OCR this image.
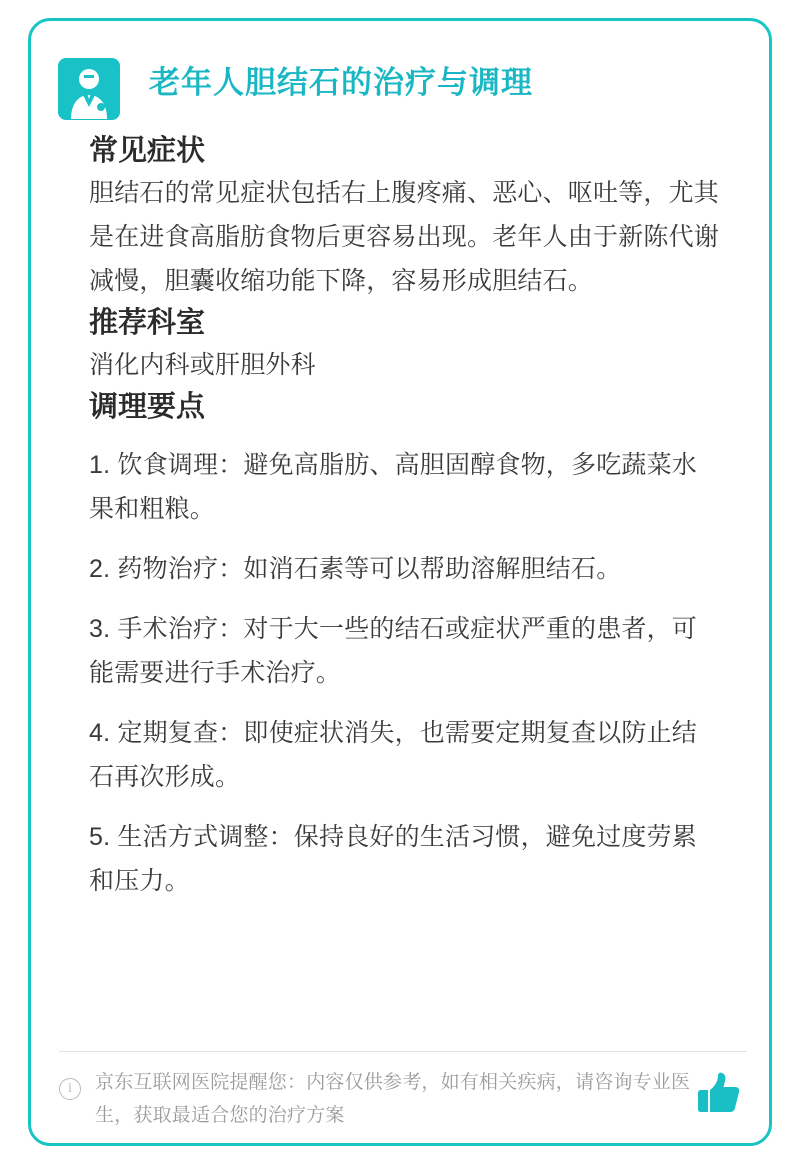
老年人胆结石的治疗与调理
常见症状

胆结石的常见症状包括右上腹疼痛、恶心、呕吐等，尤其是在进食高脂肪食物后更容易出现。老年人由于新陈代谢减慢，胆囊收缩功能下降，容易形成胆结石。

推荐科室

消化内科或肝胆外科

调理要点
1. 饮食调理：避免高脂肪、高胆固醇食物，多吃蔬菜水果和粗粮。
2. 药物治疗：如消石素等可以帮助溶解胆结石。
3. 手术治疗：对于大一些的结石或症状严重的患者，可能需要进行手术治疗。
4. 定期复查：即使症状消失，也需要定期复查以防止结石再次形成。
5. 生活方式调整：保持良好的生活习惯，避免过度劳累和压力。
i	京东互联网医院提醒您：内容仅供参考，如有相关疾病，请咨询专业医生，获取最适合您的治疗方案
